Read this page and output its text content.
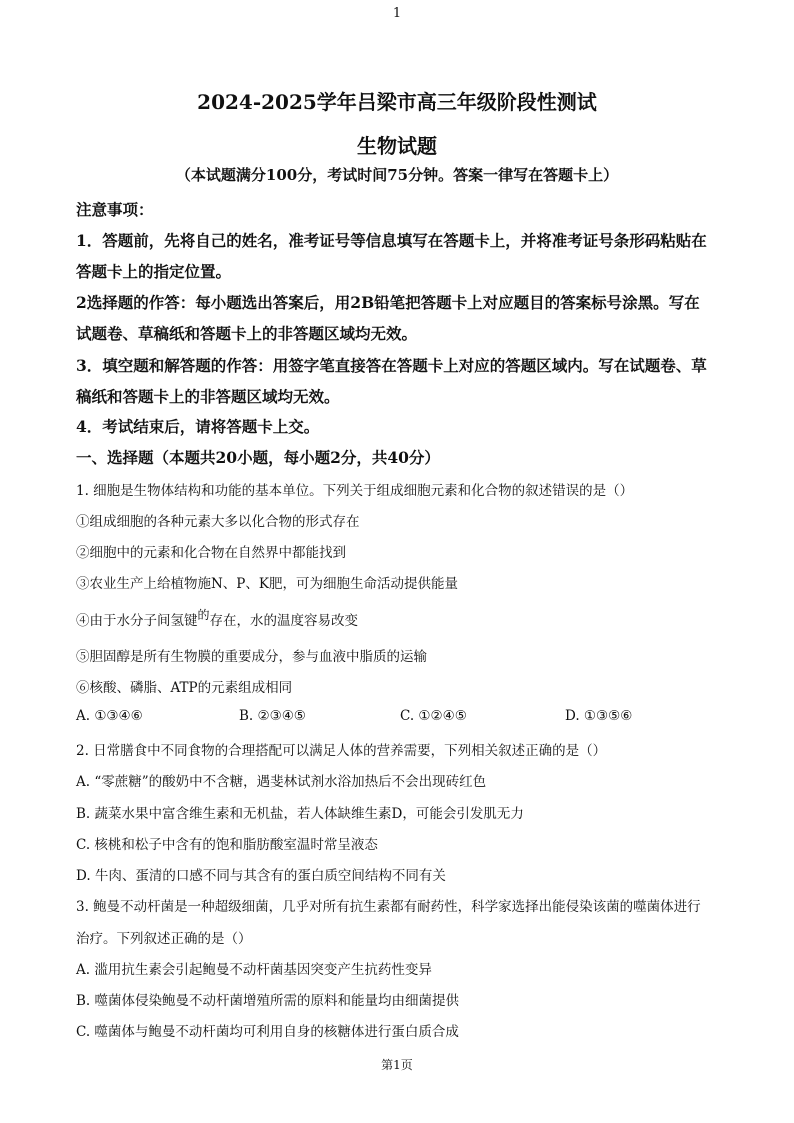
1
2024-2025学年吕梁市高三年级阶段性测试
生物试题
（本试题满分100分，考试时间75分钟。答案一律写在答题卡上）
注意事项：
1．答题前，先将自己的姓名，准考证号等信息填写在答题卡上，并将准考证号条形码粘贴在
答题卡上的指定位置。
2选择题的作答：每小题选出答案后，用2B铅笔把答题卡上对应题目的答案标号涂黑。写在
试题卷、草稿纸和答题卡上的非答题区域均无效。
3．填空题和解答题的作答：用签字笔直接答在答题卡上对应的答题区域内。写在试题卷、草
稿纸和答题卡上的非答题区域均无效。
4．考试结束后，请将答题卡上交。
一、选择题（本题共20小题，每小题2分，共40分）
1. 细胞是生物体结构和功能的基本单位。下列关于组成细胞元素和化合物的叙述错误的是（）
①组成细胞的各种元素大多以化合物的形式存在
②细胞中的元素和化合物在自然界中都能找到
③农业生产上给植物施N、P、K肥，可为细胞生命活动提供能量
④由于水分子间氢键的存在，水的温度容易改变
⑤胆固醇是所有生物膜的重要成分，参与血液中脂质的运输
⑥核酸、磷脂、ATP的元素组成相同
A. ①③④⑥	B. ②③④⑤	C. ①②④⑤	D. ①③⑤⑥
2. 日常膳食中不同食物的合理搭配可以满足人体的营养需要，下列相关叙述正确的是（）
A. “零蔗糖”的酸奶中不含糖，遇斐林试剂水浴加热后不会出现砖红色
B. 蔬菜水果中富含维生素和无机盐，若人体缺维生素D，可能会引发肌无力
C. 核桃和松子中含有的饱和脂肪酸室温时常呈液态
D. 牛肉、蛋清的口感不同与其含有的蛋白质空间结构不同有关
3. 鲍曼不动杆菌是一种超级细菌，几乎对所有抗生素都有耐药性，科学家选择出能侵染该菌的噬菌体进行
治疗。下列叙述正确的是（）
A. 滥用抗生素会引起鲍曼不动杆菌基因突变产生抗药性变异
B. 噬菌体侵染鲍曼不动杆菌增殖所需的原料和能量均由细菌提供
C. 噬菌体与鲍曼不动杆菌均可利用自身的核糖体进行蛋白质合成
第1页
